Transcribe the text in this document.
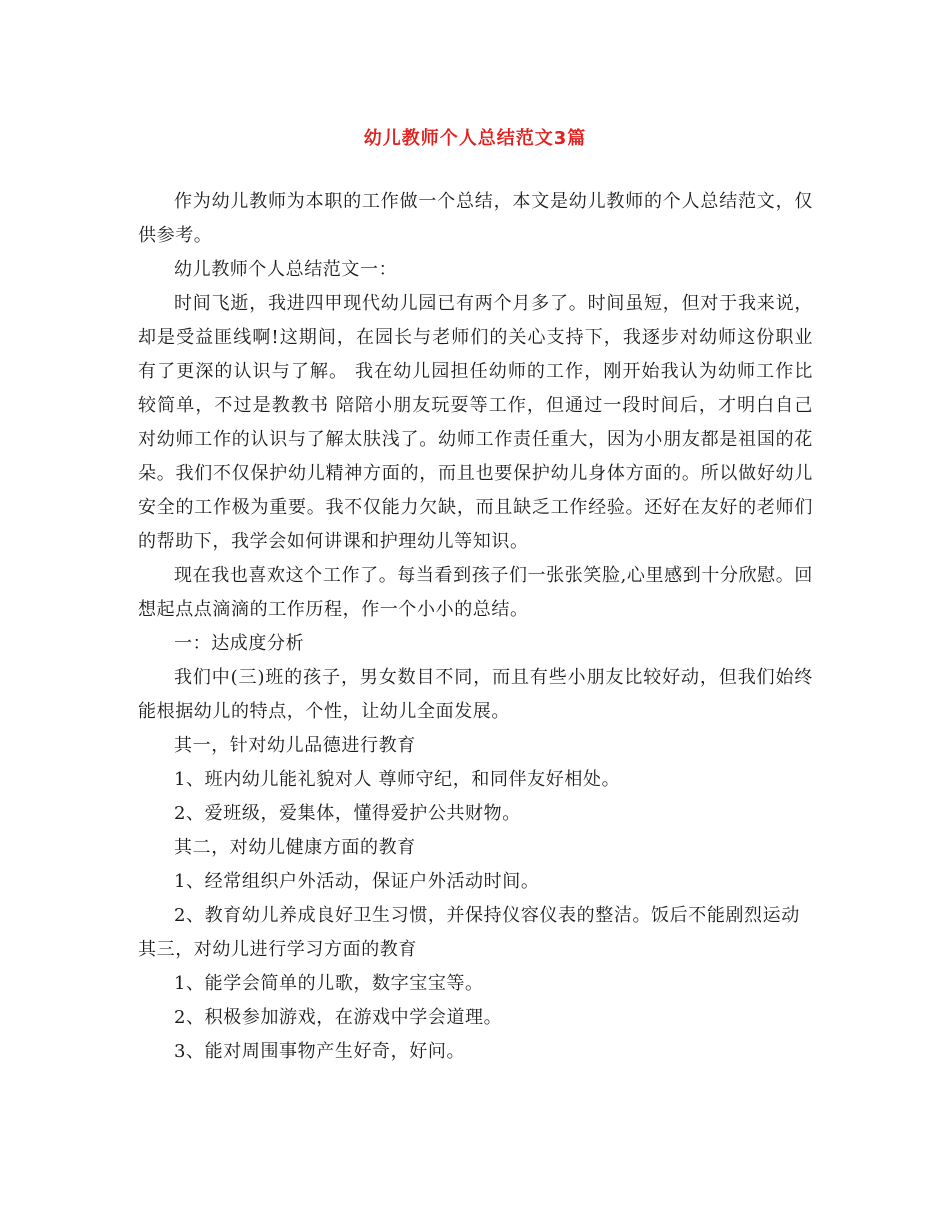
幼儿教师个人总结范文3篇

作为幼儿教师为本职的工作做一个总结，本文是幼儿教师的个人总结范文，仅供参考。

幼儿教师个人总结范文一：

时间飞逝，我进四甲现代幼儿园已有两个月多了。时间虽短，但对于我来说，却是受益匪线啊!这期间，在园长与老师们的关心支持下，我逐步对幼师这份职业有了更深的认识与了解。 我在幼儿园担任幼师的工作，刚开始我认为幼师工作比较简单，不过是教教书 陪陪小朋友玩耍等工作，但通过一段时间后，才明白自己对幼师工作的认识与了解太肤浅了。幼师工作责任重大，因为小朋友都是祖国的花朵。我们不仅保护幼儿精神方面的，而且也要保护幼儿身体方面的。所以做好幼儿安全的工作极为重要。我不仅能力欠缺，而且缺乏工作经验。还好在友好的老师们的帮助下，我学会如何讲课和护理幼儿等知识。

现在我也喜欢这个工作了。每当看到孩子们一张张笑脸,心里感到十分欣慰。回想起点点滴滴的工作历程，作一个小小的总结。

一：达成度分析

我们中(三)班的孩子，男女数目不同，而且有些小朋友比较好动，但我们始终能根据幼儿的特点，个性，让幼儿全面发展。

其一，针对幼儿品德进行教育

1、班内幼儿能礼貌对人 尊师守纪，和同伴友好相处。

2、爱班级，爱集体，懂得爱护公共财物。

其二，对幼儿健康方面的教育

1、经常组织户外活动，保证户外活动时间。

2、教育幼儿养成良好卫生习惯，并保持仪容仪表的整洁。饭后不能剧烈运动

其三，对幼儿进行学习方面的教育

1、能学会简单的儿歌，数字宝宝等。

2、积极参加游戏，在游戏中学会道理。

3、能对周围事物产生好奇，好问。
